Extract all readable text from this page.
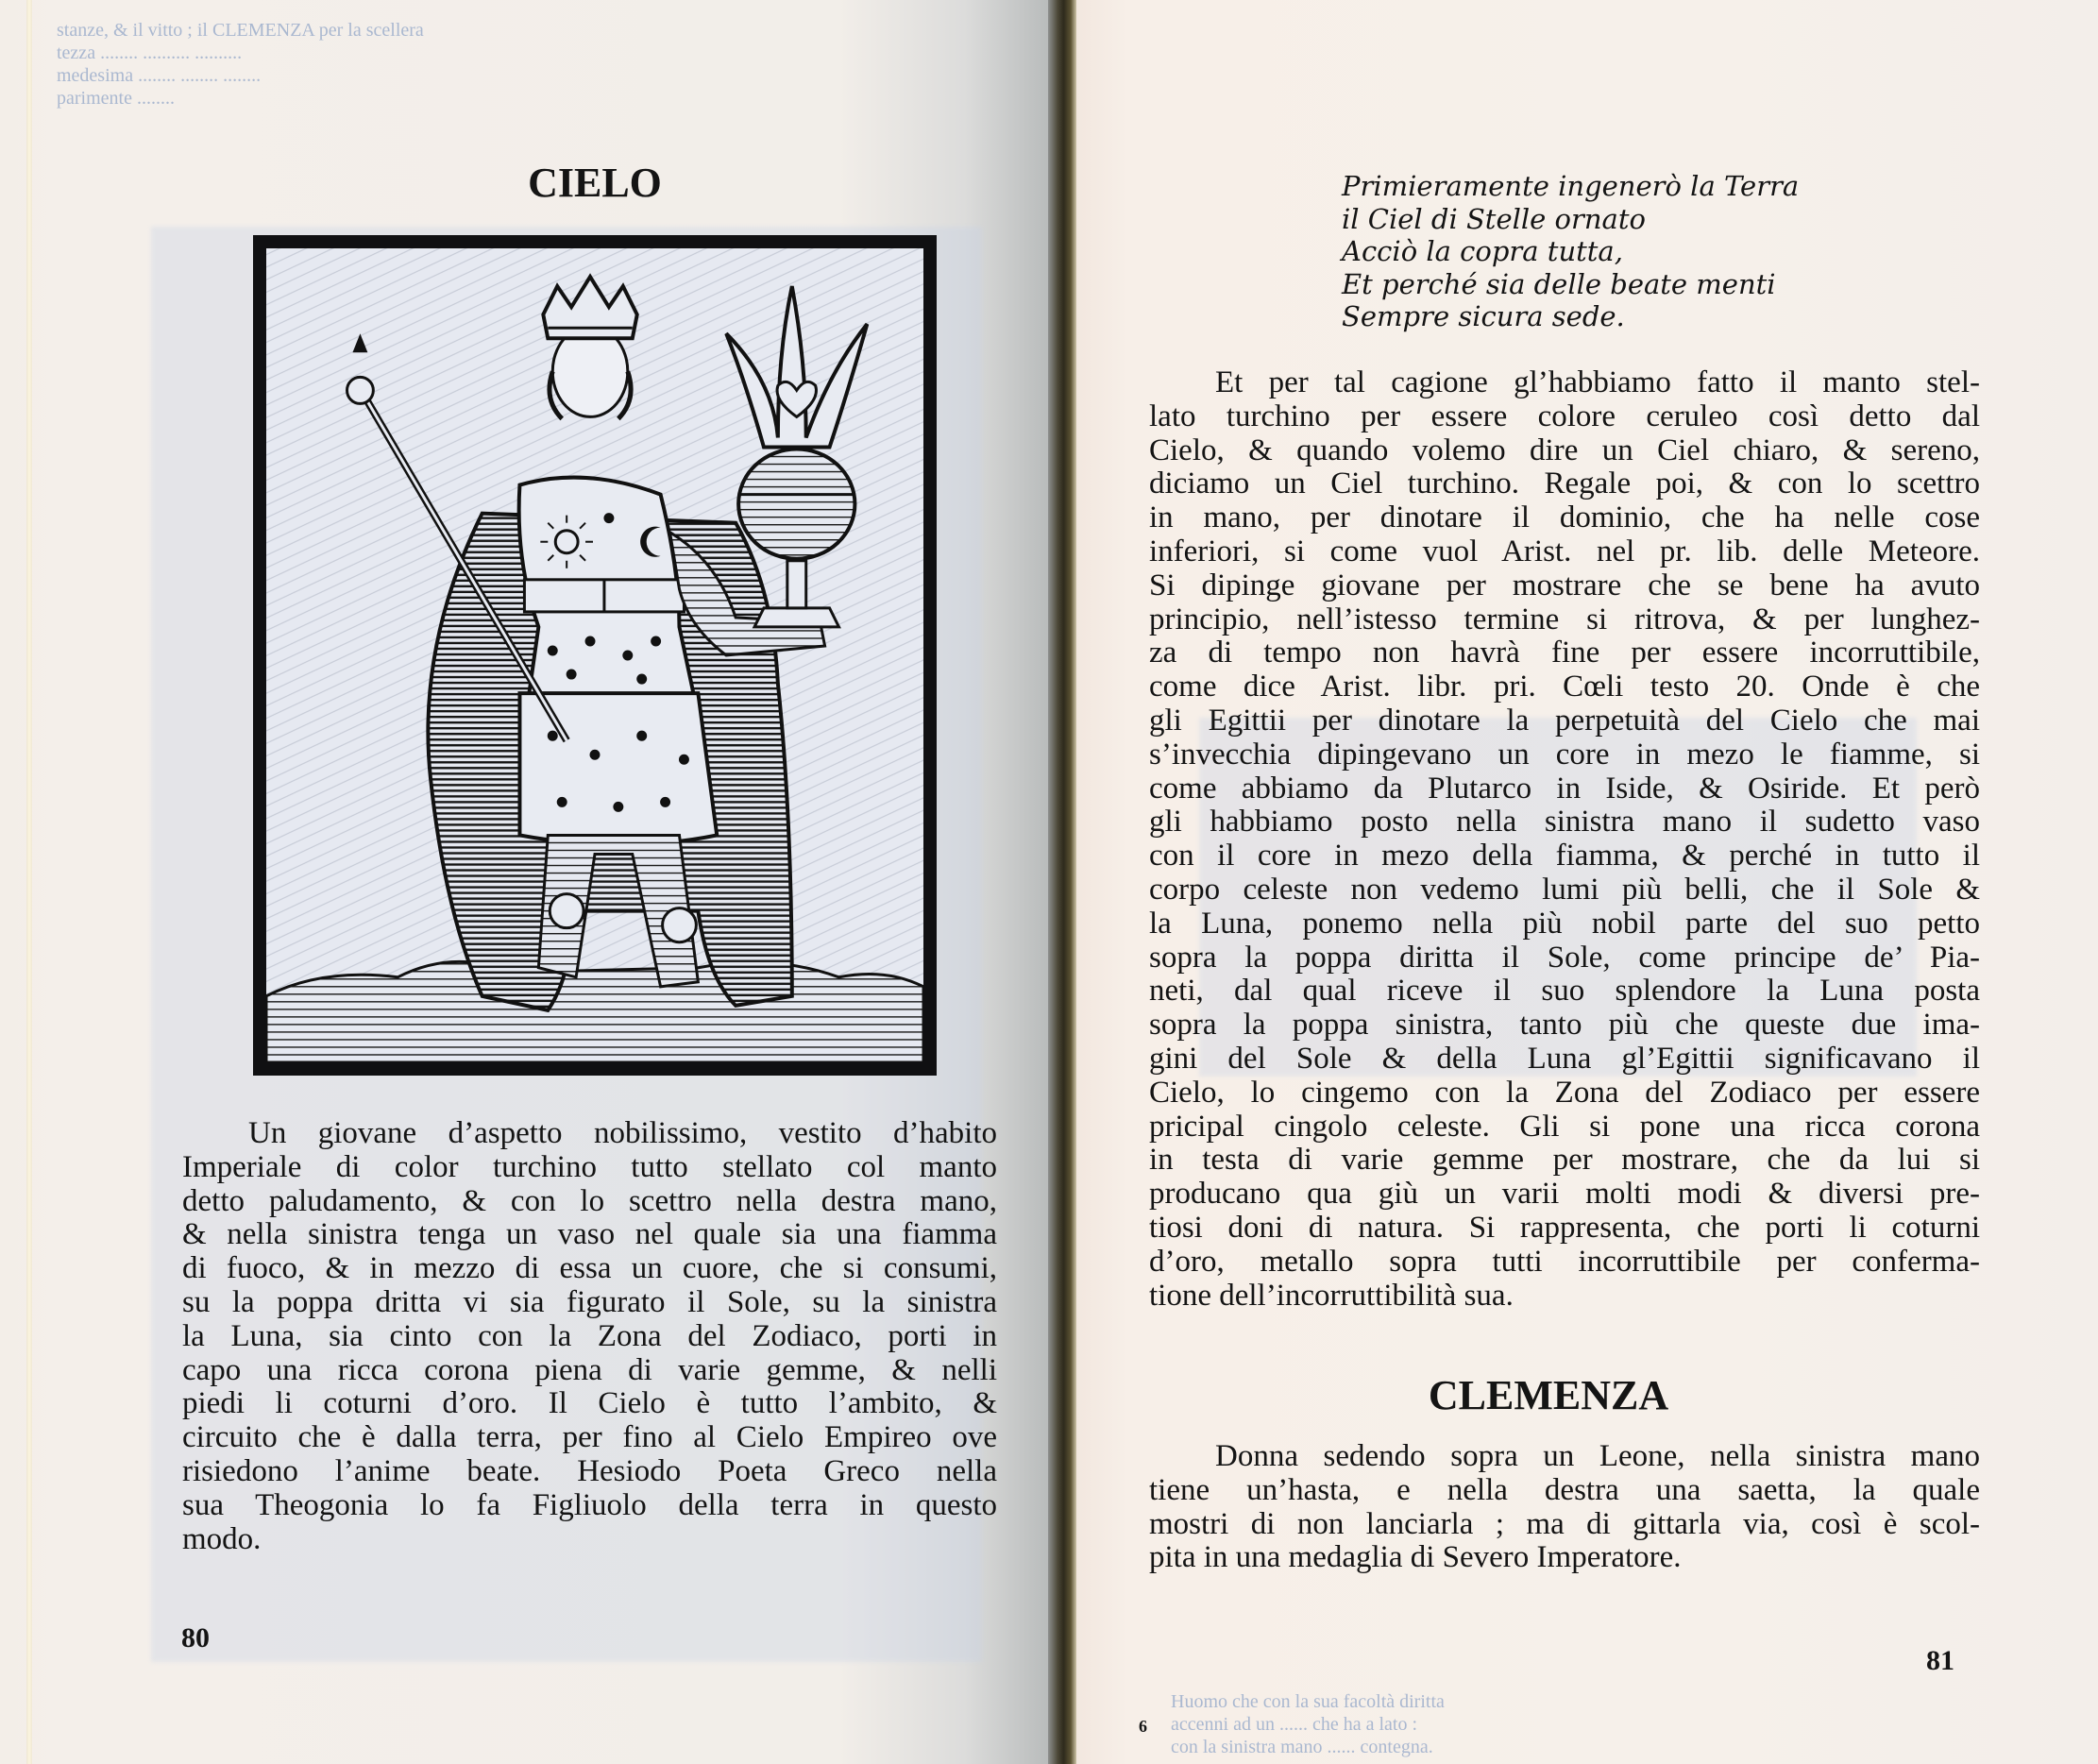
stanze, & il vitto ; il CLEMENZA per la scellera
tezza ........ .......... ..........
medesima ........ ........ ........
parimente ........
CIELO

Un giovane d’aspetto nobilissimo, vestito d’habito
Imperiale di color turchino tutto stellato col manto
detto paludamento, & con lo scettro nella destra mano,
& nella sinistra tenga un vaso nel quale sia una fiamma
di fuoco, & in mezzo di essa un cuore, che si consumi,
su la poppa dritta vi sia figurato il Sole, su la sinistra
la Luna, sia cinto con la Zona del Zodiaco, porti in
capo una ricca corona piena di varie gemme, & nelli
piedi li coturni d’oro. Il Cielo è tutto l’ambito, &
circuito che è dalla terra, per fino al Cielo Empireo ove
risiedono l’anime beate. Hesiodo Poeta Greco nella
sua Theogonia lo fa Figliuolo della terra in questo
modo.

80
Huomo che con la sua facoltà diritta
accenni ad un ...... che ha a lato :
con la sinistra mano ...... contegna.
Primieramente ingenerò la Terra
il Ciel di Stelle ornato
Acciò la copra tutta,
Et perché sia delle beate menti
Sempre sicura sede.

Et per tal cagione gl’habbiamo fatto il manto stel-
lato turchino per essere colore ceruleo così detto dal
Cielo, & quando volemo dire un Ciel chiaro, & sereno,
diciamo un Ciel turchino. Regale poi, & con lo scettro
in mano, per dinotare il dominio, che ha nelle cose
inferiori, si come vuol Arist. nel pr. lib. delle Meteore.
Si dipinge giovane per mostrare che se bene ha avuto
principio, nell’istesso termine si ritrova, & per lunghez-
za di tempo non havrà fine per essere incorruttibile,
come dice Arist. libr. pri. Cœli testo 20. Onde è che
gli Egittii per dinotare la perpetuità del Cielo che mai
s’invecchia dipingevano un core in mezo le fiamme, si
come abbiamo da Plutarco in Iside, & Osiride. Et però
gli habbiamo posto nella sinistra mano il sudetto vaso
con il core in mezo della fiamma, & perché in tutto il
corpo celeste non vedemo lumi più belli, che il Sole &
la Luna, ponemo nella più nobil parte del suo petto
sopra la poppa diritta il Sole, come principe de’ Pia-
neti, dal qual riceve il suo splendore la Luna posta
sopra la poppa sinistra, tanto più che queste due ima-
gini del Sole & della Luna gl’Egittii significavano il
Cielo, lo cingemo con la Zona del Zodiaco per essere
pricipal cingolo celeste. Gli si pone una ricca corona
in testa di varie gemme per mostrare, che da lui si
producano qua giù un varii molti modi & diversi pre-
tiosi doni di natura. Si rappresenta, che porti li coturni
d’oro, metallo sopra tutti incorruttibile per conferma-
tione dell’incorruttibilità sua.

CLEMENZA

Donna sedendo sopra un Leone, nella sinistra mano
tiene un’hasta, e nella destra una saetta, la quale
mostri di non lanciarla ; ma di gittarla via, così è scol-
pita in una medaglia di Severo Imperatore.

81
6
